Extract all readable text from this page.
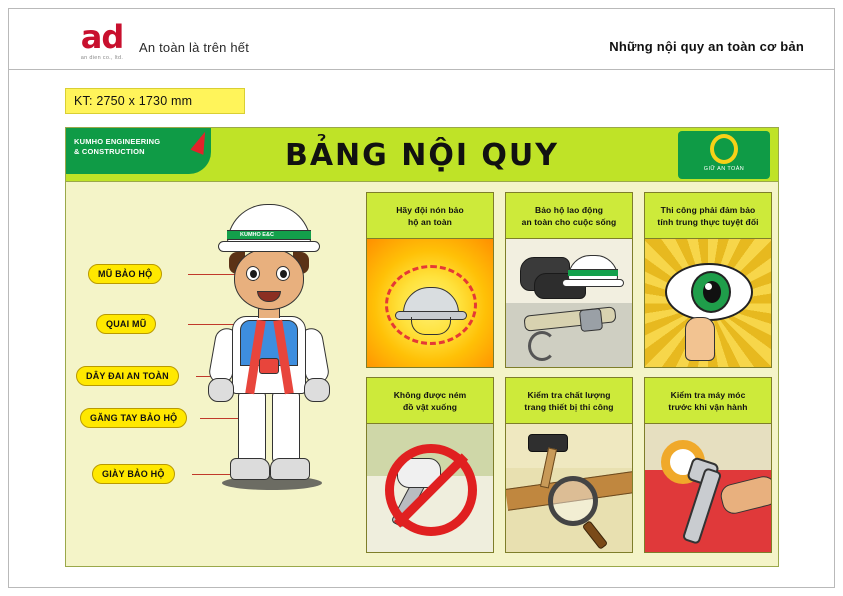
ad
an dien co., ltd.
An toàn là trên hết	Những nội quy an toàn cơ bản
KT: 2750 x 1730 mm
KUMHO ENGINEERING
& CONSTRUCTION	BẢNG NỘI QUY	GIỮ AN TOÀN
MŨ BẢO HỘ
QUAI MŨ
DÂY ĐAI AN TOÀN
GĂNG TAY BẢO HỘ
GIÀY BẢO HỘ
KUMHO E&C
Hãy đội nón bảo
hộ an toàn
Bảo hộ lao động
an toàn cho cuộc sống
Thi công phải đảm bảo
tính trung thực tuyệt đối
Không được ném
đồ vật xuống
Kiểm tra chất lượng
trang thiết bị thi công
Kiểm tra máy móc
trước khi vận hành
